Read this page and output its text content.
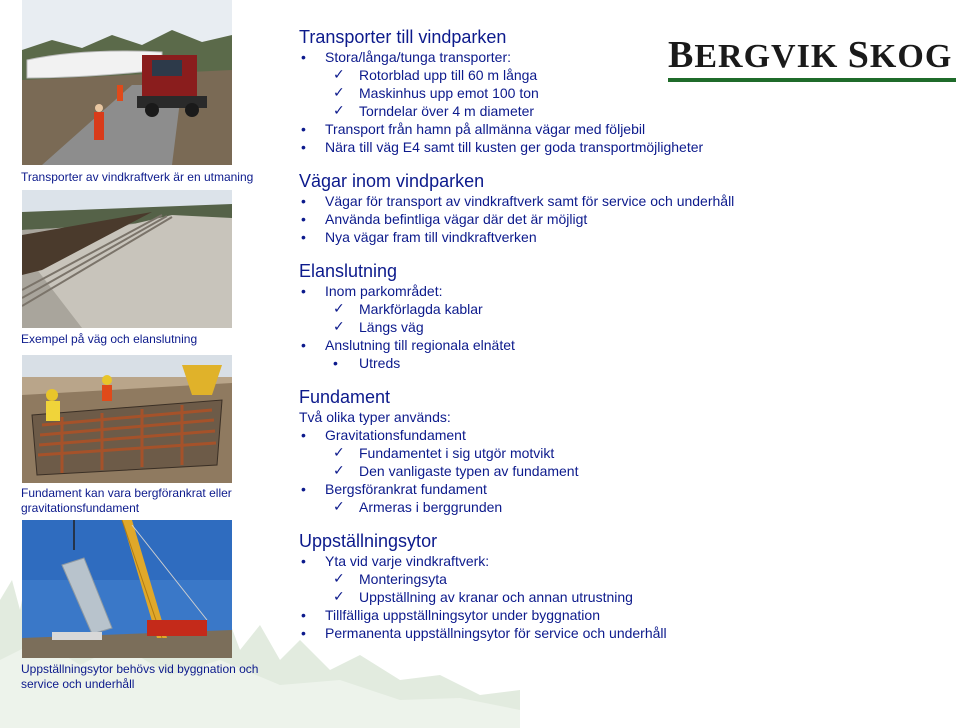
Transporter av vindkraftverk är en utmaning
Exempel på väg och elanslutning
Fundament kan vara bergförankrat eller gravitationsfundament
Uppställningsytor behövs vid byggnation och service och underhåll
BERGVIK SKOG
Transporter till vindparken
• Stora/långa/tunga transporter:
✓ Rotorblad upp till 60 m långa
✓ Maskinhus upp emot 100 ton
✓ Torndelar över 4 m diameter
• Transport från hamn på allmänna vägar med följebil
• Nära till väg E4 samt till kusten ger goda transportmöjligheter
Vägar inom vindparken
• Vägar för transport av vindkraftverk samt för service och underhåll
• Använda befintliga vägar där det är möjligt
• Nya vägar fram till vindkraftverken
Elanslutning
• Inom parkområdet:
✓ Markförlagda kablar
✓ Längs väg
• Anslutning till regionala elnätet
• Utreds
Fundament
Två olika typer används:
• Gravitationsfundament
✓ Fundamentet i sig utgör motvikt
✓ Den vanligaste typen av fundament
• Bergsförankrat fundament
✓ Armeras i berggrunden
Uppställningsytor
• Yta vid varje vindkraftverk:
✓ Monteringsyta
✓ Uppställning av kranar och annan utrustning
• Tillfälliga uppställningsytor under byggnation
• Permanenta uppställningsytor för service och underhåll
